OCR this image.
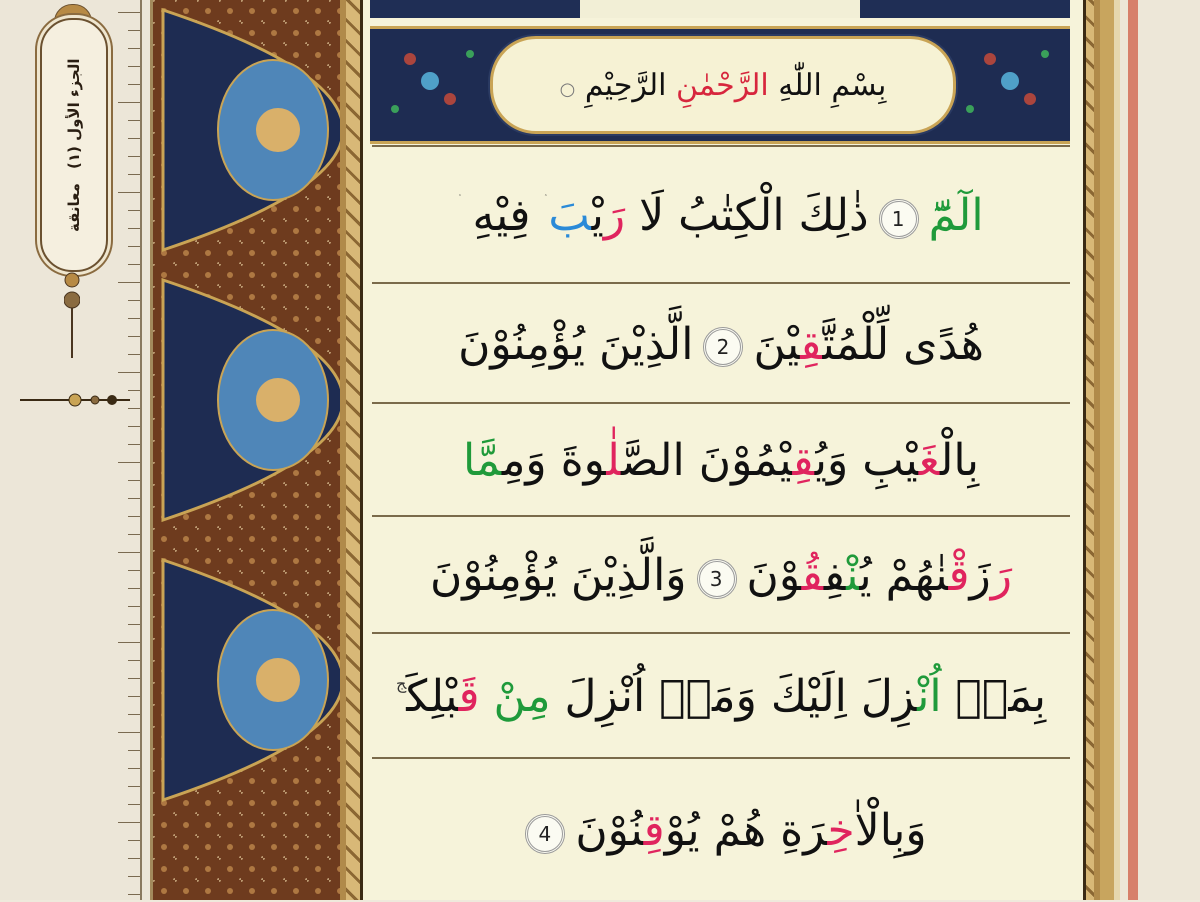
معانقة
الجزء الأول (١)	بِسْمِ اللّٰهِ الرَّحْمٰنِ الرَّحِيْمِ ○
الٓمّٓ1ذٰلِكَ الْكِتٰبُ لَا رَيْبَ ۛ فِيْهِ
هُدًى لِّلْمُتَّقِيْنَ2الَّذِيْنَ يُؤْمِنُوْنَ
بِالْغَيْبِ وَيُقِيْمُوْنَ الصَّلٰوةَ وَمِمَّا
رَزَقْنٰهُمْ يُنْفِقُوْنَ3وَالَّذِيْنَ يُؤْمِنُوْنَ
بِمَاۤ اُنْزِلَ اِلَيْكَ وَمَاۤ اُنْزِلَ مِنْ قَبْلِكَ$^ج$
وَبِالْاٰخِرَةِ هُمْ يُوْقِنُوْنَ4
